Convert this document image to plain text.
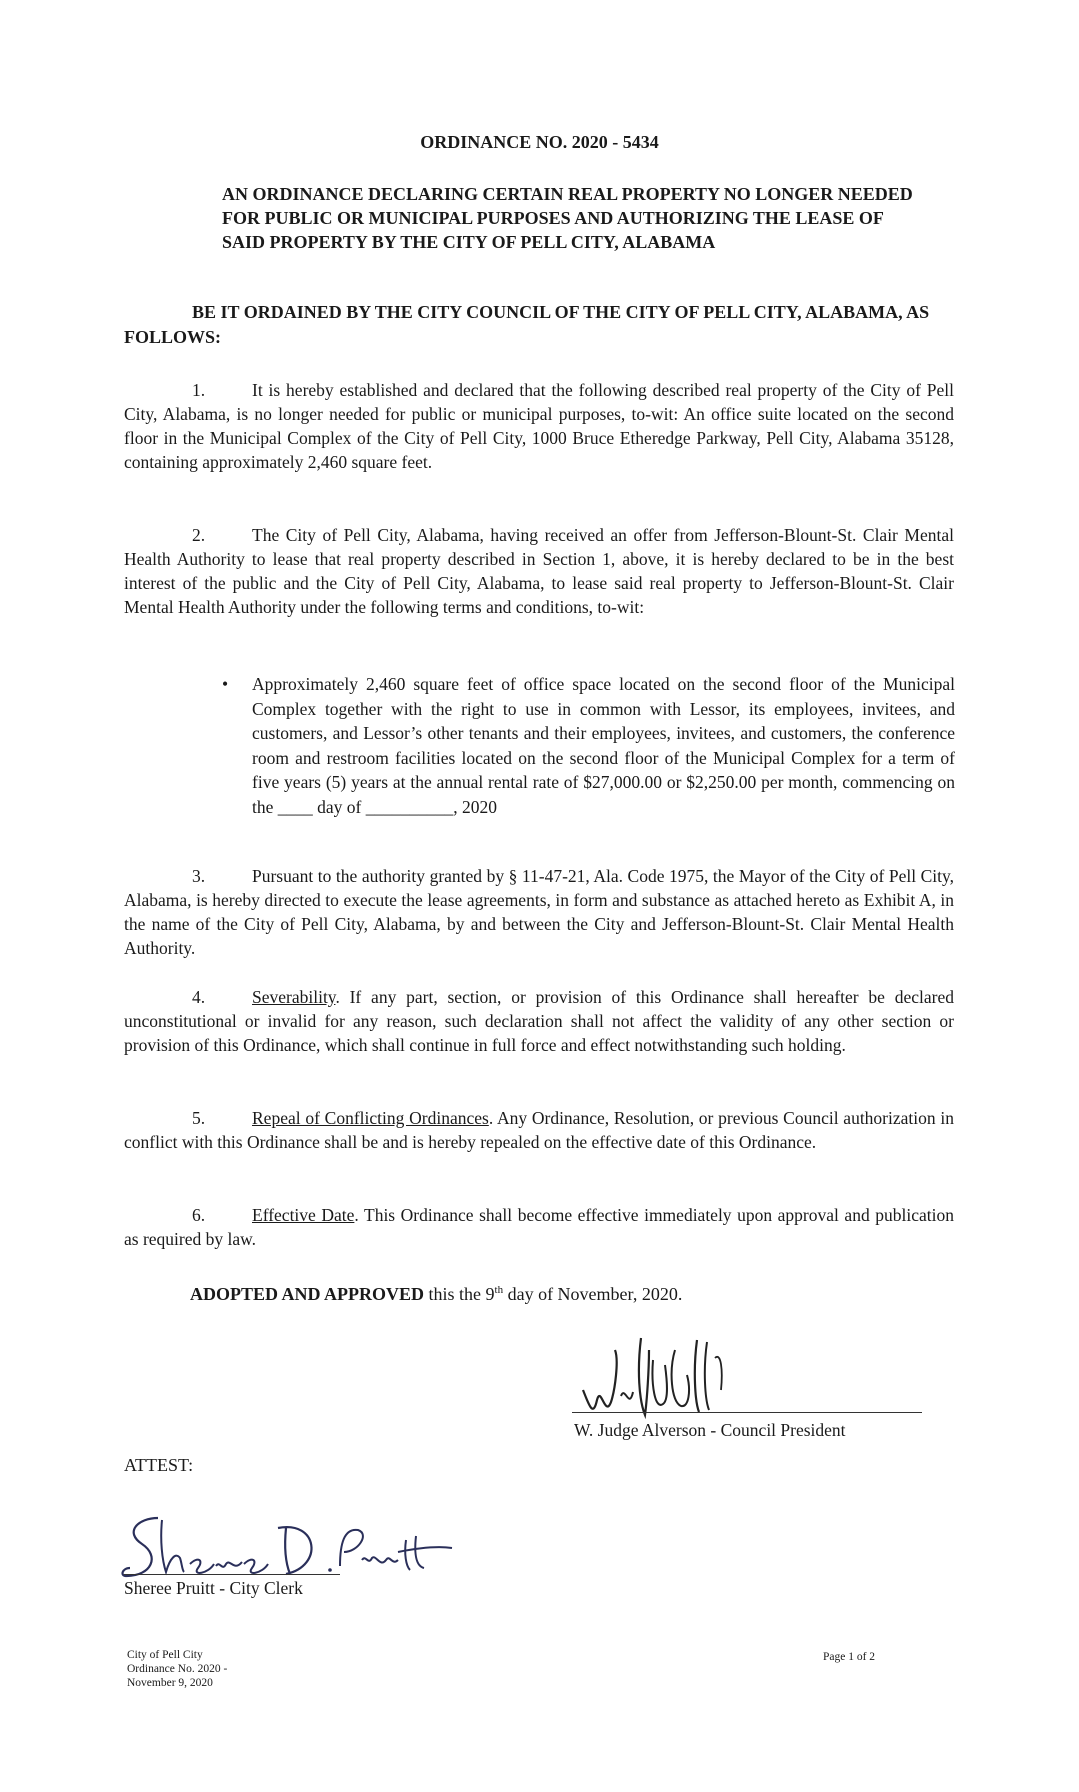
ORDINANCE NO. 2020 - 5434
AN ORDINANCE DECLARING CERTAIN REAL PROPERTY NO LONGER NEEDED FOR PUBLIC OR MUNICIPAL PURPOSES AND AUTHORIZING THE LEASE OF SAID PROPERTY BY THE CITY OF PELL CITY, ALABAMA
BE IT ORDAINED BY THE CITY COUNCIL OF THE CITY OF PELL CITY, ALABAMA, AS FOLLOWS:
1.	It is hereby established and declared that the following described real property of the City of Pell City, Alabama, is no longer needed for public or municipal purposes, to-wit: An office suite located on the second floor in the Municipal Complex of the City of Pell City, 1000 Bruce Etheredge Parkway, Pell City, Alabama 35128, containing approximately 2,460 square feet.
2.	The City of Pell City, Alabama, having received an offer from Jefferson-Blount-St. Clair Mental Health Authority to lease that real property described in Section 1, above, it is hereby declared to be in the best interest of the public and the City of Pell City, Alabama, to lease said real property to Jefferson-Blount-St. Clair Mental Health Authority under the following terms and conditions, to-wit:
• Approximately 2,460 square feet of office space located on the second floor of the Municipal Complex together with the right to use in common with Lessor, its employees, invitees, and customers, and Lessor’s other tenants and their employees, invitees, and customers, the conference room and restroom facilities located on the second floor of the Municipal Complex for a term of five years (5) years at the annual rental rate of $27,000.00 or $2,250.00 per month, commencing on the ____ day of __________, 2020
3.	Pursuant to the authority granted by § 11-47-21, Ala. Code 1975, the Mayor of the City of Pell City, Alabama, is hereby directed to execute the lease agreements, in form and substance as attached hereto as Exhibit A, in the name of the City of Pell City, Alabama, by and between the City and Jefferson-Blount-St. Clair Mental Health Authority.
4.	Severability. If any part, section, or provision of this Ordinance shall hereafter be declared unconstitutional or invalid for any reason, such declaration shall not affect the validity of any other section or provision of this Ordinance, which shall continue in full force and effect notwithstanding such holding.
5.	Repeal of Conflicting Ordinances. Any Ordinance, Resolution, or previous Council authorization in conflict with this Ordinance shall be and is hereby repealed on the effective date of this Ordinance.
6.	Effective Date. This Ordinance shall become effective immediately upon approval and publication as required by law.
ADOPTED AND APPROVED this the 9th day of November, 2020.
W. Judge Alverson - Council President
ATTEST:
Sheree Pruitt - City Clerk
City of Pell City
Ordinance No. 2020 -
November 9, 2020
Page 1 of 2
